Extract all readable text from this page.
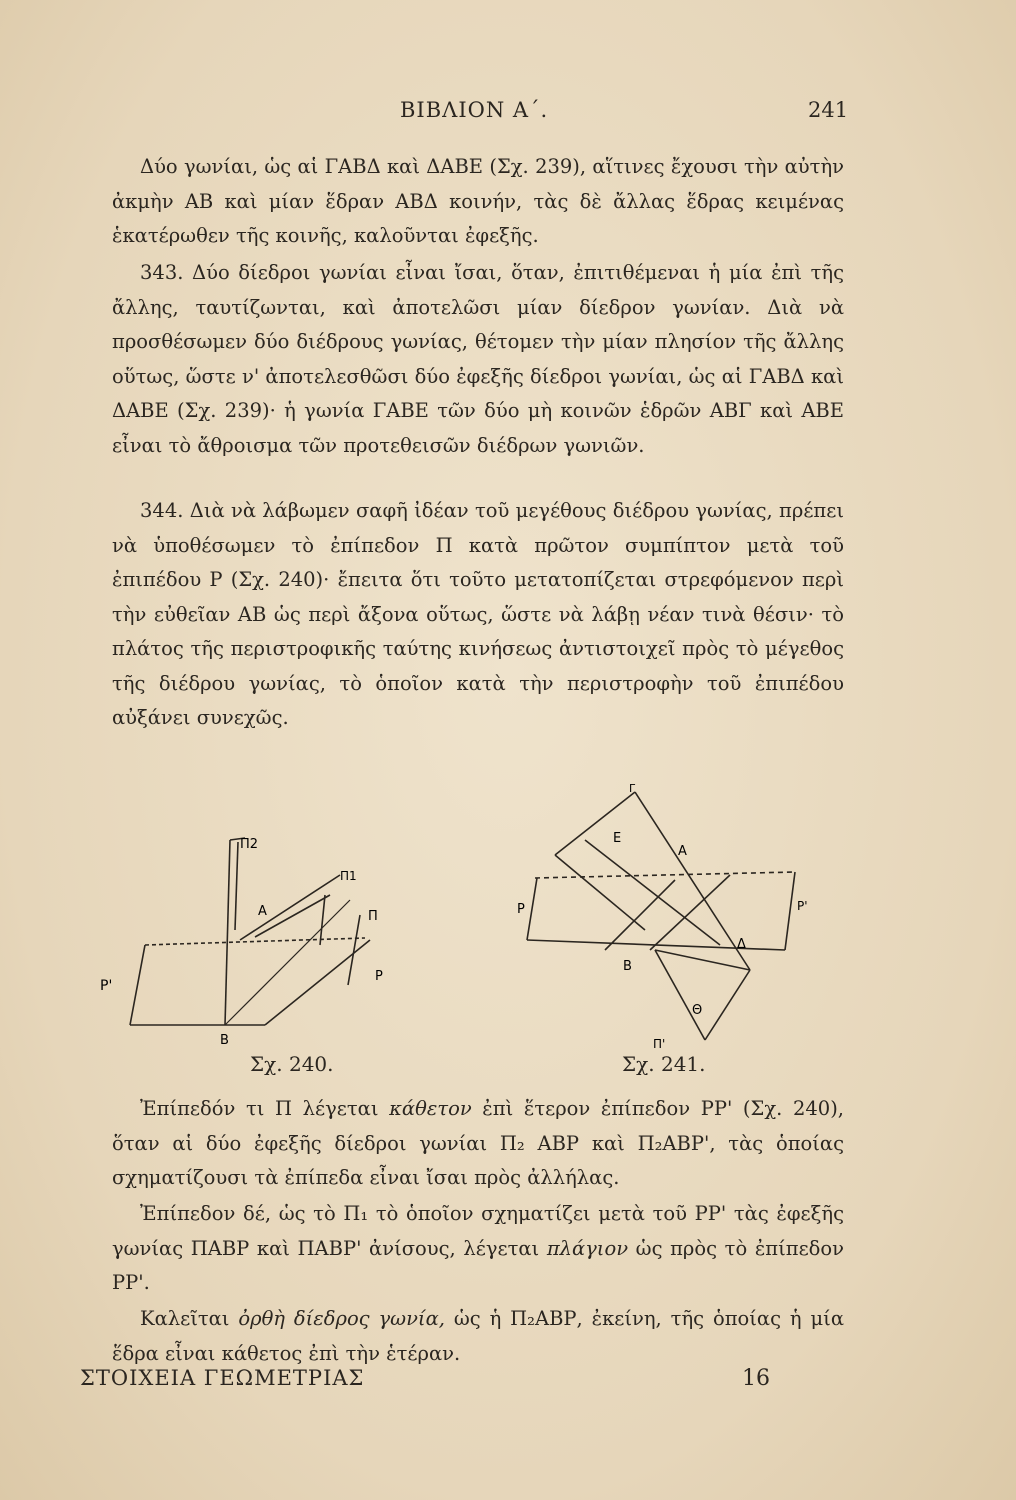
ΒΙΒΛΙΟΝ Α΄.	241
Δύο γωνίαι, ὡς αἱ ΓΑΒΔ καὶ ΔΑΒΕ (Σχ. 239), αἵτινες ἔχουσι τὴν αὐτὴν ἀκμὴν ΑΒ καὶ μίαν ἕδραν ΑΒΔ κοινήν, τὰς δὲ ἄλλας ἕδρας κειμένας ἑκατέρωθεν τῆς κοινῆς, καλοῦνται ἐφεξῆς.
343. Δύο δίεδροι γωνίαι εἶναι ἴσαι, ὅταν, ἐπιτιθέμεναι ἡ μία ἐπὶ τῆς ἄλλης, ταυτίζωνται, καὶ ἀποτελῶσι μίαν δίεδρον γωνίαν. Διὰ νὰ προσθέσωμεν δύο διέδρους γωνίας, θέτομεν τὴν μίαν πλησίον τῆς ἄλλης οὕτως, ὥστε ν' ἀποτελεσθῶσι δύο ἐφεξῆς δίεδροι γωνίαι, ὡς αἱ ΓΑΒΔ καὶ ΔΑΒΕ (Σχ. 239)· ἡ γωνία ΓΑΒΕ τῶν δύο μὴ κοινῶν ἑδρῶν ΑΒΓ καὶ ΑΒΕ εἶναι τὸ ἄθροισμα τῶν προτεθεισῶν διέδρων γωνιῶν.
344. Διὰ νὰ λάβωμεν σαφῆ ἰδέαν τοῦ μεγέθους διέδρου γωνίας, πρέπει νὰ ὑποθέσωμεν τὸ ἐπίπεδον Π κατὰ πρῶτον συμπίπτον μετὰ τοῦ ἐπιπέδου Ρ (Σχ. 240)· ἔπειτα ὅτι τοῦτο μετατοπίζεται στρεφόμενον περὶ τὴν εὐθεῖαν ΑΒ ὡς περὶ ἄξονα οὕτως, ὥστε νὰ λάβῃ νέαν τινὰ θέσιν· τὸ πλάτος τῆς περιστροφικῆς ταύτης κινήσεως ἀντιστοιχεῖ πρὸς τὸ μέγεθος τῆς διέδρου γωνίας, τὸ ὁποῖον κατὰ τὴν περιστροφὴν τοῦ ἐπιπέδου αὐξάνει συνεχῶς.
Π2
Π1
Π
Α
Ρ
Ρ'
Β
Σχ. 240.
Γ
Ε
Α
Ρ	Ρ'
Δ
Β
Θ
Π'
Σχ. 241.
Ἐπίπεδόν τι Π λέγεται κάθετον ἐπὶ ἕτερον ἐπίπεδον ΡΡ' (Σχ. 240), ὅταν αἱ δύο ἐφεξῆς δίεδροι γωνίαι Π₂ ΑΒΡ καὶ Π₂ΑΒΡ', τὰς ὁποίας σχηματίζουσι τὰ ἐπίπεδα εἶναι ἴσαι πρὸς ἀλλήλας.
Ἐπίπεδον δέ, ὡς τὸ Π₁ τὸ ὁποῖον σχηματίζει μετὰ τοῦ ΡΡ' τὰς ἐφεξῆς γωνίας ΠΑΒΡ καὶ ΠΑΒΡ' ἀνίσους, λέγεται πλάγιον ὡς πρὸς τὸ ἐπίπεδον ΡΡ'.
Καλεῖται ὀρθὴ δίεδρος γωνία, ὡς ἡ Π₂ΑΒΡ, ἐκείνη, τῆς ὁποίας ἡ μία ἕδρα εἶναι κάθετος ἐπὶ τὴν ἑτέραν.
ΣΤΟΙΧΕΙΑ ΓΕΩΜΕΤΡΙΑΣ	16
